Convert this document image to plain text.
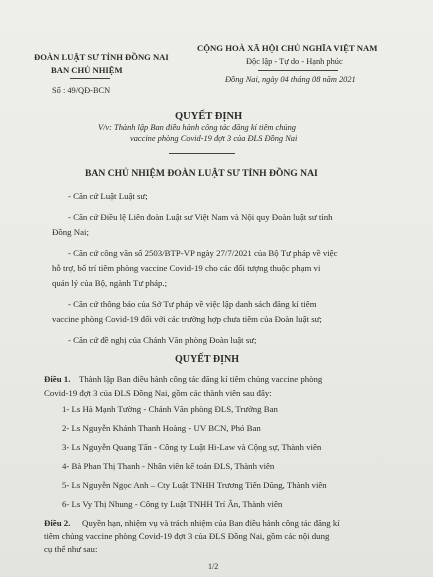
ĐOÀN LUẬT SƯ TỈNH ĐỒNG NAI
BAN CHỦ NHIỆM
Số : 49/QĐ-BCN
CỘNG HOÀ XÃ HỘI CHỦ NGHĨA VIỆT NAM
Độc lập - Tự do - Hạnh phúc
Đồng Nai, ngày 04 tháng 08 năm 2021
QUYẾT ĐỊNH
V/v: Thành lập Ban điều hành công tác đăng kí tiêm chủng
vaccine phòng Covid-19 đợt 3 của ĐLS Đồng Nai
BAN CHỦ NHIỆM ĐOÀN LUẬT SƯ TỈNH ĐỒNG NAI
- Căn cứ Luật Luật sư;
- Căn cứ Điều lệ Liên đoàn Luật sư Việt Nam và Nội quy Đoàn luật sư tỉnh
Đồng Nai;
- Căn cứ công văn số 2503/BTP-VP ngày 27/7/2021 của Bộ Tư pháp về việc
hỗ trợ, bố trí tiêm phòng vaccine Covid-19 cho các đối tượng thuộc phạm vi
quản lý của Bộ, ngành Tư pháp.;
- Căn cứ thông báo của Sở Tư pháp về việc lập danh sách đăng kí tiêm
vaccine phòng Covid-19 đối với các trường hợp chưa tiêm của Đoàn luật sư;
- Căn cứ đề nghị của Chánh Văn phòng Đoàn luật sư;
QUYẾT ĐỊNH
Điều 1. Thành lập Ban điều hành công tác đăng kí tiêm chủng vaccine phòng
Covid-19 đợt 3 của ĐLS Đồng Nai, gồm các thành viên sau đây:
1- Ls Hà Mạnh Tường - Chánh Văn phòng ĐLS, Trưởng Ban
2- Ls Nguyễn Khánh Thanh Hoàng - UV BCN, Phó Ban
3- Ls Nguyễn Quang Tấn - Công ty Luật Hi-Law và Cộng sự, Thành viên
4- Bà Phan Thị Thanh - Nhân viên kế toán ĐLS, Thành viên
5- Ls Nguyễn Ngọc Anh – Cty Luật TNHH Trương Tiến Dũng, Thành viên
6- Ls Vy Thị Nhung - Công ty Luật TNHH Trí Ân, Thành viên
Điều 2. Quyền hạn, nhiệm vụ và trách nhiệm của Ban điều hành công tác đăng kí
tiêm chủng vaccine phòng Covid-19 đợt 3 của ĐLS Đồng Nai, gồm các nội dung
cụ thể như sau:
1/2
